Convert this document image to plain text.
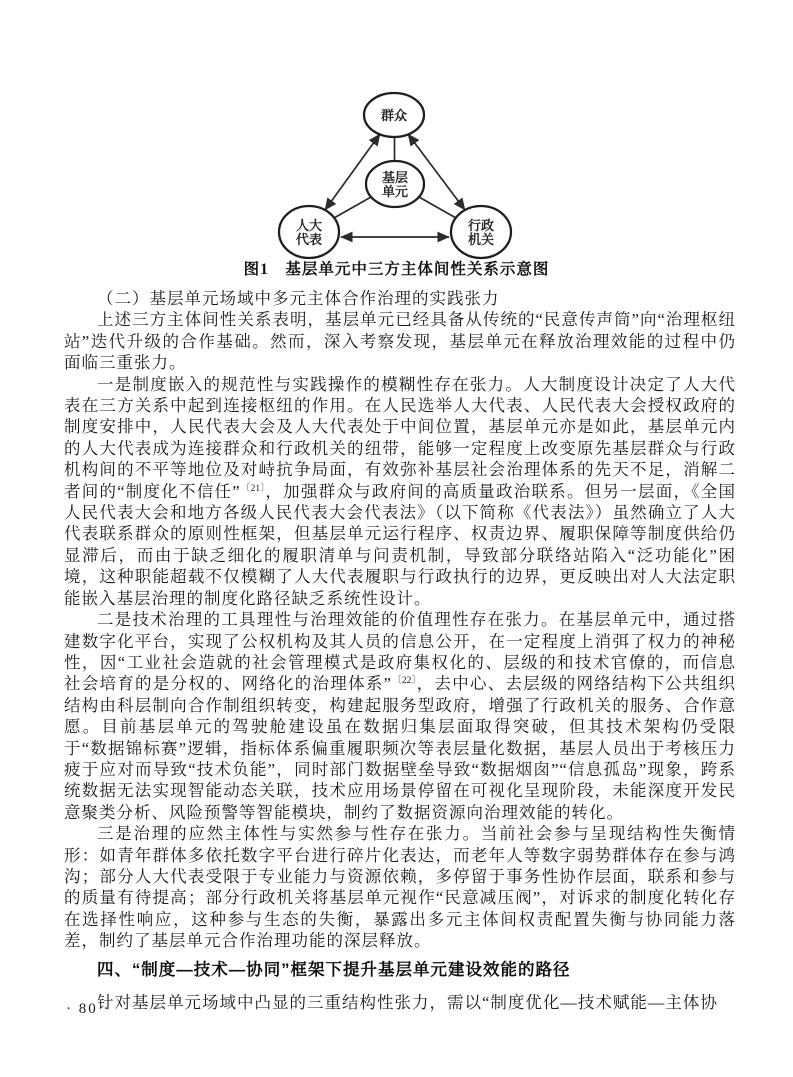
群众
基层
单元
人大
代表
行政
机关
图1　基层单元中三方主体间性关系示意图
（二）基层单元场域中多元主体合作治理的实践张力
上述三方主体间性关系表明，基层单元已经具备从传统的“民意传声筒”向“治理枢纽站”迭代升级的合作基础。然而，深入考察发现，基层单元在释放治理效能的过程中仍面临三重张力。
一是制度嵌入的规范性与实践操作的模糊性存在张力。人大制度设计决定了人大代表在三方关系中起到连接枢纽的作用。在人民选举人大代表、人民代表大会授权政府的制度安排中，人民代表大会及人大代表处于中间位置，基层单元亦是如此，基层单元内的人大代表成为连接群众和行政机关的纽带，能够一定程度上改变原先基层群众与行政机构间的不平等地位及对峙抗争局面，有效弥补基层社会治理体系的先天不足，消解二者间的“制度化不信任”$^{〔21〕}$，加强群众与政府间的高质量政治联系。但另一层面，《全国人民代表大会和地方各级人民代表大会代表法》（以下简称《代表法》）虽然确立了人大代表联系群众的原则性框架，但基层单元运行程序、权责边界、履职保障等制度供给仍显滞后，而由于缺乏细化的履职清单与问责机制，导致部分联络站陷入“泛功能化”困境，这种职能超载不仅模糊了人大代表履职与行政执行的边界，更反映出对人大法定职能嵌入基层治理的制度化路径缺乏系统性设计。
二是技术治理的工具理性与治理效能的价值理性存在张力。在基层单元中，通过搭建数字化平台，实现了公权机构及其人员的信息公开，在一定程度上消弭了权力的神秘性，因“工业社会造就的社会管理模式是政府集权化的、层级的和技术官僚的，而信息社会培育的是分权的、网络化的治理体系”$^{〔22〕}$，去中心、去层级的网络结构下公共组织结构由科层制向合作制组织转变，构建起服务型政府，增强了行政机关的服务、合作意愿。目前基层单元的驾驶舱建设虽在数据归集层面取得突破，但其技术架构仍受限于“数据锦标赛”逻辑，指标体系偏重履职频次等表层量化数据，基层人员出于考核压力疲于应对而导致“技术负能”，同时部门数据壁垒导致“数据烟囱”“信息孤岛”现象，跨系统数据无法实现智能动态关联，技术应用场景停留在可视化呈现阶段，未能深度开发民意聚类分析、风险预警等智能模块，制约了数据资源向治理效能的转化。
三是治理的应然主体性与实然参与性存在张力。当前社会参与呈现结构性失衡情形：如青年群体多依托数字平台进行碎片化表达，而老年人等数字弱势群体存在参与鸿沟；部分人大代表受限于专业能力与资源依赖，多停留于事务性协作层面，联系和参与的质量有待提高；部分行政机关将基层单元视作“民意减压阀”，对诉求的制度化转化存在选择性响应，这种参与生态的失衡，暴露出多元主体间权责配置失衡与协同能力落差，制约了基层单元合作治理功能的深层释放。
四、“制度—技术—协同”框架下提升基层单元建设效能的路径
针对基层单元场域中凸显的三重结构性张力，需以“制度优化—技术赋能—主体协
· 80 ·
